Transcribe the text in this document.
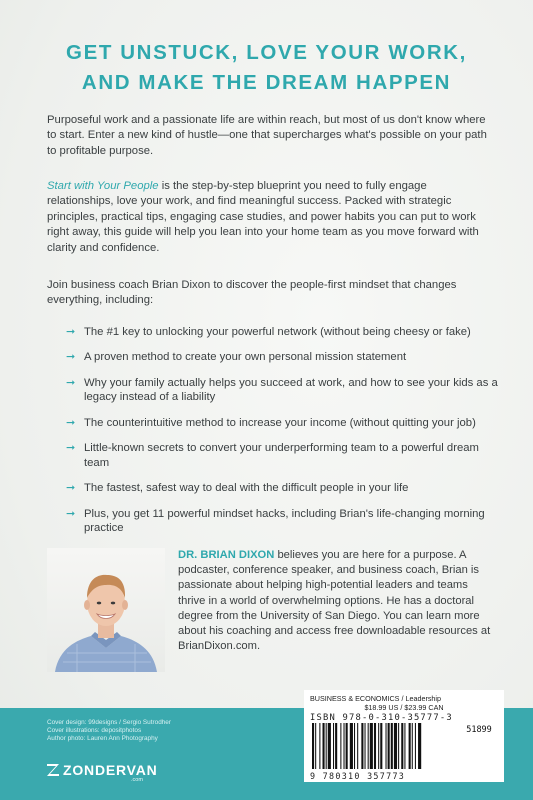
GET UNSTUCK, LOVE YOUR WORK,
AND MAKE THE DREAM HAPPEN

Purposeful work and a passionate life are within reach, but most of us don't know where to start. Enter a new kind of hustle—one that supercharges what's possible on your path to profitable purpose.

Start with Your People is the step-by-step blueprint you need to fully engage relationships, love your work, and find meaningful success. Packed with strategic principles, practical tips, engaging case studies, and power habits you can put to work right away, this guide will help you lean into your home team as you move forward with clarity and confidence.

Join business coach Brian Dixon to discover the people-first mindset that changes everything, including:

➞ The #1 key to unlocking your powerful network (without being cheesy or fake)
➞ A proven method to create your own personal mission statement
➞ Why your family actually helps you succeed at work, and how to see your kids as a legacy instead of a liability
➞ The counterintuitive method to increase your income (without quitting your job)
➞ Little-known secrets to convert your underperforming team to a powerful dream team
➞ The fastest, safest way to deal with the difficult people in your life
➞ Plus, you get 11 powerful mindset hacks, including Brian's life-changing morning practice

DR. BRIAN DIXON believes you are here for a purpose. A podcaster, conference speaker, and business coach, Brian is passionate about helping high-potential leaders and teams thrive in a world of overwhelming options. He has a doctoral degree from the University of San Diego. You can learn more about his coaching and access free downloadable resources at BrianDixon.com.

Cover design: 99designs / Sergio Sutrodher
Cover illustrations: depositphotos
Author photo: Lauren Ann Photography
ZONDERVAN
.com
BUSINESS & ECONOMICS / Leadership
$18.99 US / $23.99 CAN
ISBN 978-0-310-35777-3
51899
9 780310 357773
